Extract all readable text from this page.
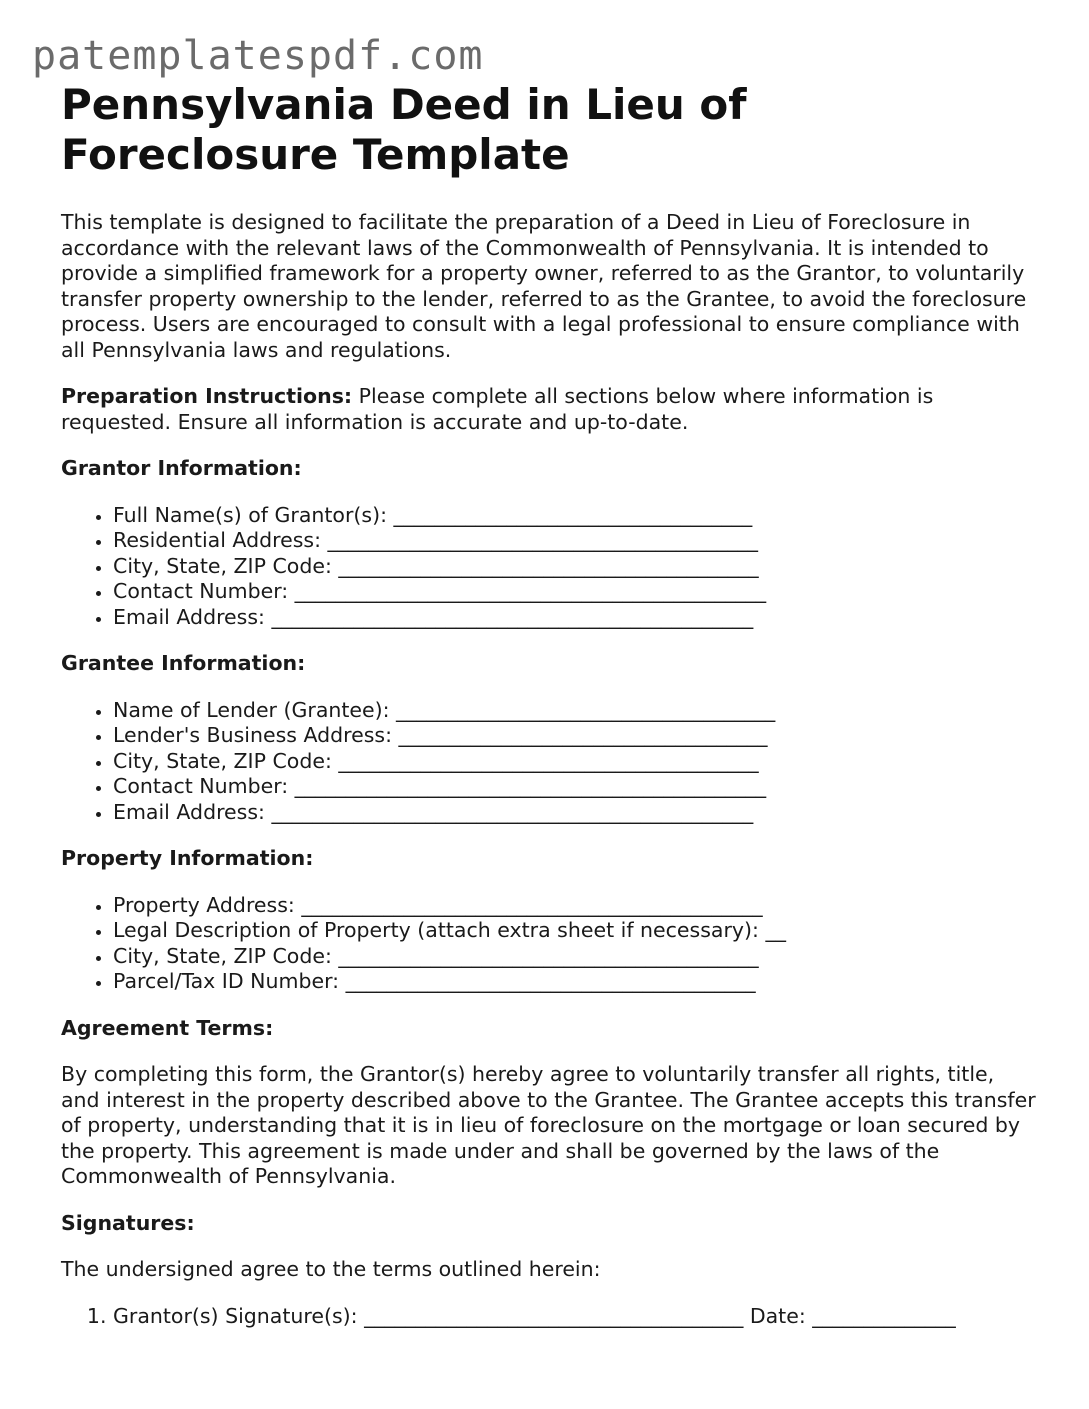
patemplatespdf.com
Pennsylvania Deed in Lieu of
Foreclosure Template

This template is designed to facilitate the preparation of a Deed in Lieu of Foreclosure in accordance with the relevant laws of the Commonwealth of Pennsylvania. It is intended to provide a simplified framework for a property owner, referred to as the Grantor, to voluntarily transfer property ownership to the lender, referred to as the Grantee, to avoid the foreclosure process. Users are encouraged to consult with a legal professional to ensure compliance with all Pennsylvania laws and regulations.

Preparation Instructions: Please complete all sections below where information is requested. Ensure all information is accurate and up-to-date.

Grantor Information:
• Full Name(s) of Grantor(s): ___________________________________
• Residential Address: __________________________________________
• City, State, ZIP Code: _________________________________________
• Contact Number: ______________________________________________
• Email Address: _______________________________________________
Grantee Information:
• Name of Lender (Grantee): _____________________________________
• Lender's Business Address: ____________________________________
• City, State, ZIP Code: _________________________________________
• Contact Number: ______________________________________________
• Email Address: _______________________________________________
Property Information:
• Property Address: _____________________________________________
• Legal Description of Property (attach extra sheet if necessary): __
• City, State, ZIP Code: _________________________________________
• Parcel/Tax ID Number: ________________________________________
Agreement Terms:

By completing this form, the Grantor(s) hereby agree to voluntarily transfer all rights, title, and interest in the property described above to the Grantee. The Grantee accepts this transfer of property, understanding that it is in lieu of foreclosure on the mortgage or loan secured by the property. This agreement is made under and shall be governed by the laws of the Commonwealth of Pennsylvania.

Signatures:

The undersigned agree to the terms outlined herein:

1. Grantor(s) Signature(s): _____________________________________ Date: ______________
